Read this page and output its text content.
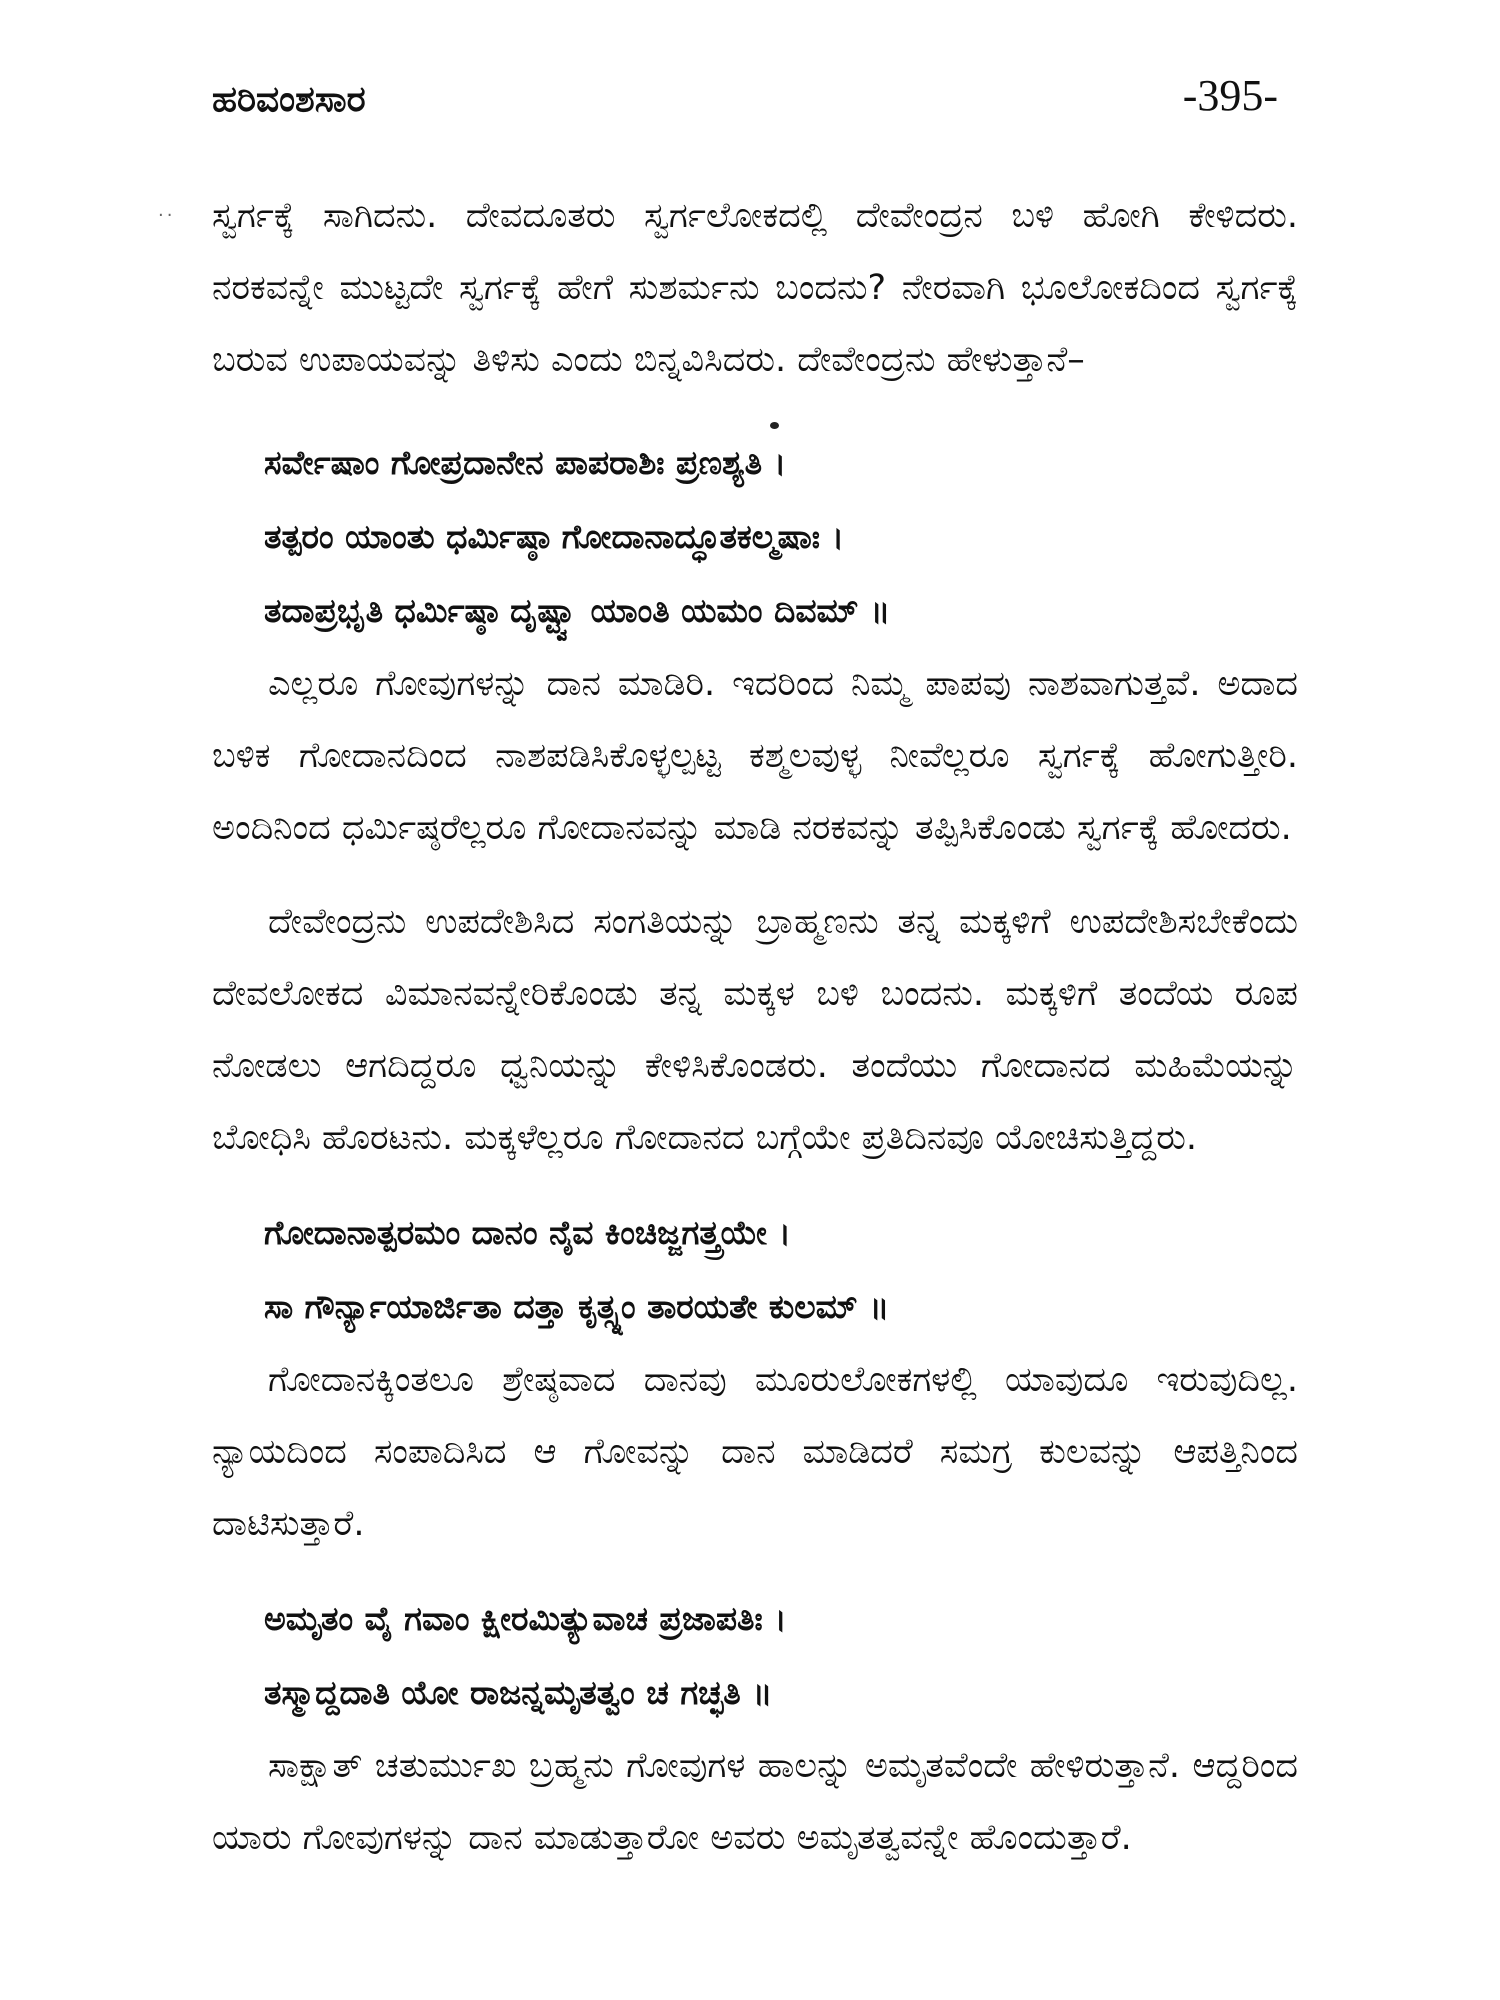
ಹರಿವಂಶಸಾರ	-395-
·· ಸ್ವರ್ಗಕ್ಕೆ ಸಾಗಿದನು. ದೇವದೂತರು ಸ್ವರ್ಗಲೋಕದಲ್ಲಿ ದೇವೇಂದ್ರನ ಬಳಿ ಹೋಗಿ ಕೇಳಿದರು. ನರಕವನ್ನೇ ಮುಟ್ಟದೇ ಸ್ವರ್ಗಕ್ಕೆ ಹೇಗೆ ಸುಶರ್ಮನು ಬಂದನು? ನೇರವಾಗಿ ಭೂಲೋಕದಿಂದ ಸ್ವರ್ಗಕ್ಕೆ ಬರುವ ಉಪಾಯವನ್ನು ತಿಳಿಸು ಎಂದು ಬಿನ್ನವಿಸಿದರು. ದೇವೇಂದ್ರನು ಹೇಳುತ್ತಾನೆ–

ಸರ್ವೇಷಾಂ ಗೋಪ್ರದಾನೇನ ಪಾಪರಾಶಿಃ ಪ್ರಣಶ್ಯತಿ ।
ತತ್ಪರಂ ಯಾಂತು ಧರ್ಮಿಷ್ಠಾ ಗೋದಾನಾದ್ಧೂತಕಲ್ಮಷಾಃ ।
ತದಾಪ್ರಭೃತಿ ಧರ್ಮಿಷ್ಠಾ ದೃಷ್ಟ್ವಾ ಯಾಂತಿ ಯಮಂ ದಿವಮ್ ॥

ಎಲ್ಲರೂ ಗೋವುಗಳನ್ನು ದಾನ ಮಾಡಿರಿ. ಇದರಿಂದ ನಿಮ್ಮ ಪಾಪವು ನಾಶವಾಗುತ್ತವೆ. ಅದಾದ ಬಳಿಕ ಗೋದಾನದಿಂದ ನಾಶಪಡಿಸಿಕೊಳ್ಳಲ್ಪಟ್ಟ ಕಶ್ಮಲವುಳ್ಳ ನೀವೆಲ್ಲರೂ ಸ್ವರ್ಗಕ್ಕೆ ಹೋಗುತ್ತೀರಿ. ಅಂದಿನಿಂದ ಧರ್ಮಿಷ್ಠರೆಲ್ಲರೂ ಗೋದಾನವನ್ನು ಮಾಡಿ ನರಕವನ್ನು ತಪ್ಪಿಸಿಕೊಂಡು ಸ್ವರ್ಗಕ್ಕೆ ಹೋದರು.

ದೇವೇಂದ್ರನು ಉಪದೇಶಿಸಿದ ಸಂಗತಿಯನ್ನು ಬ್ರಾಹ್ಮಣನು ತನ್ನ ಮಕ್ಕಳಿಗೆ ಉಪದೇಶಿಸಬೇಕೆಂದು ದೇವಲೋಕದ ವಿಮಾನವನ್ನೇರಿಕೊಂಡು ತನ್ನ ಮಕ್ಕಳ ಬಳಿ ಬಂದನು. ಮಕ್ಕಳಿಗೆ ತಂದೆಯ ರೂಪ ನೋಡಲು ಆಗದಿದ್ದರೂ ಧ್ವನಿಯನ್ನು ಕೇಳಿಸಿಕೊಂಡರು. ತಂದೆಯು ಗೋದಾನದ ಮಹಿಮೆಯನ್ನು ಬೋಧಿಸಿ ಹೊರಟನು. ಮಕ್ಕಳೆಲ್ಲರೂ ಗೋದಾನದ ಬಗ್ಗೆಯೇ ಪ್ರತಿದಿನವೂ ಯೋಚಿಸುತ್ತಿದ್ದರು.

ಗೋದಾನಾತ್ಪರಮಂ ದಾನಂ ನೈವ ಕಿಂಚಿಜ್ಜಗತ್ತ್ರಯೇ ।
ಸಾ ಗೌರ್ನ್ಯಾಯಾರ್ಜಿತಾ ದತ್ತಾ ಕೃತ್ಸ್ನಂ ತಾರಯತೇ ಕುಲಮ್ ॥

ಗೋದಾನಕ್ಕಿಂತಲೂ ಶ್ರೇಷ್ಠವಾದ ದಾನವು ಮೂರುಲೋಕಗಳಲ್ಲಿ ಯಾವುದೂ ಇರುವುದಿಲ್ಲ. ನ್ಯಾಯದಿಂದ ಸಂಪಾದಿಸಿದ ಆ ಗೋವನ್ನು ದಾನ ಮಾಡಿದರೆ ಸಮಗ್ರ ಕುಲವನ್ನು ಆಪತ್ತಿನಿಂದ ದಾಟಿಸುತ್ತಾರೆ.

ಅಮೃತಂ ವೈ ಗವಾಂ ಕ್ಷೀರಮಿತ್ಯುವಾಚ ಪ್ರಜಾಪತಿಃ ।
ತಸ್ಮಾದ್ದದಾತಿ ಯೋ ರಾಜನ್ನಮೃತತ್ವಂ ಚ ಗಚ್ಛತಿ ॥

ಸಾಕ್ಷಾತ್ ಚತುರ್ಮುಖ ಬ್ರಹ್ಮನು ಗೋವುಗಳ ಹಾಲನ್ನು ಅಮೃತವೆಂದೇ ಹೇಳಿರುತ್ತಾನೆ. ಆದ್ದರಿಂದ ಯಾರು ಗೋವುಗಳನ್ನು ದಾನ ಮಾಡುತ್ತಾರೋ ಅವರು ಅಮೃತತ್ವವನ್ನೇ ಹೊಂದುತ್ತಾರೆ.
